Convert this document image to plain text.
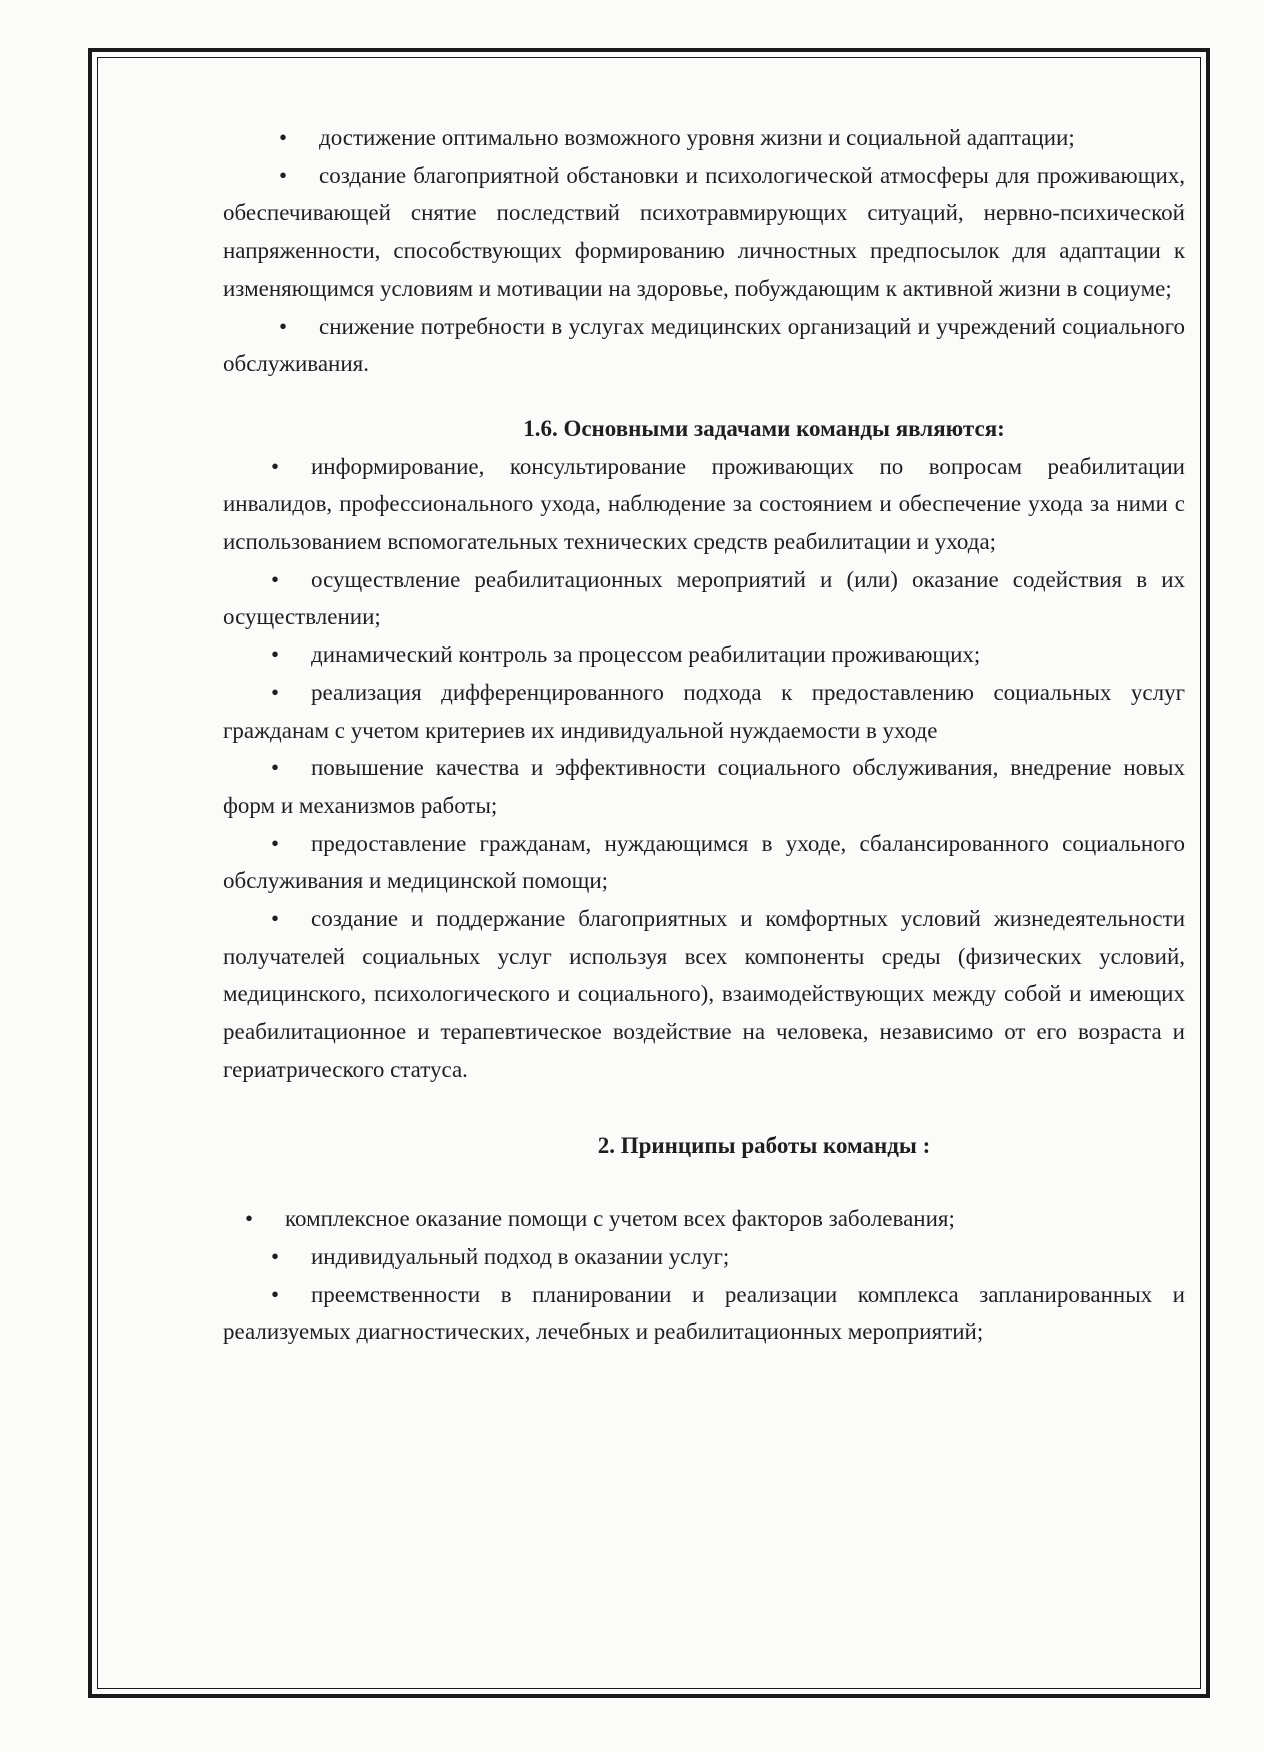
• достижение оптимально возможного уровня жизни и социальной адаптации;

• создание благоприятной обстановки и психологической атмосферы для проживающих, обеспечивающей снятие последствий психотравмирующих ситуаций, нервно-психической напряженности, способствующих формированию личностных предпосылок для адаптации к изменяющимся условиям и мотивации на здоровье, побуждающим к активной жизни в социуме;

• снижение потребности в услугах медицинских организаций и учреждений социального обслуживания.

1.6. Основными задачами команды являются:

• информирование, консультирование проживающих по вопросам реабилитации инвалидов, профессионального ухода, наблюдение за состоянием и обеспечение ухода за ними с использованием вспомогательных технических средств реабилитации и ухода;

• осуществление реабилитационных мероприятий и (или) оказание содействия в их осуществлении;

• динамический контроль за процессом реабилитации проживающих;

• реализация дифференцированного подхода к предоставлению социальных услуг гражданам с учетом критериев их индивидуальной нуждаемости в уходе

• повышение качества и эффективности социального обслуживания, внедрение новых форм и механизмов работы;

• предоставление гражданам, нуждающимся в уходе, сбалансированного социального обслуживания и медицинской помощи;

• создание и поддержание благоприятных и комфортных условий жизнедеятельности получателей социальных услуг используя всех компоненты среды (физических условий, медицинского, психологического и социального), взаимодействующих между собой и имеющих реабилитационное и терапевтическое воздействие на человека, независимо от его возраста и гериатрического статуса.

2. Принципы работы команды :

• комплексное оказание помощи с учетом всех факторов заболевания;

• индивидуальный подход в оказании услуг;

• преемственности в планировании и реализации комплекса запланированных и реализуемых диагностических, лечебных и реабилитационных мероприятий;
